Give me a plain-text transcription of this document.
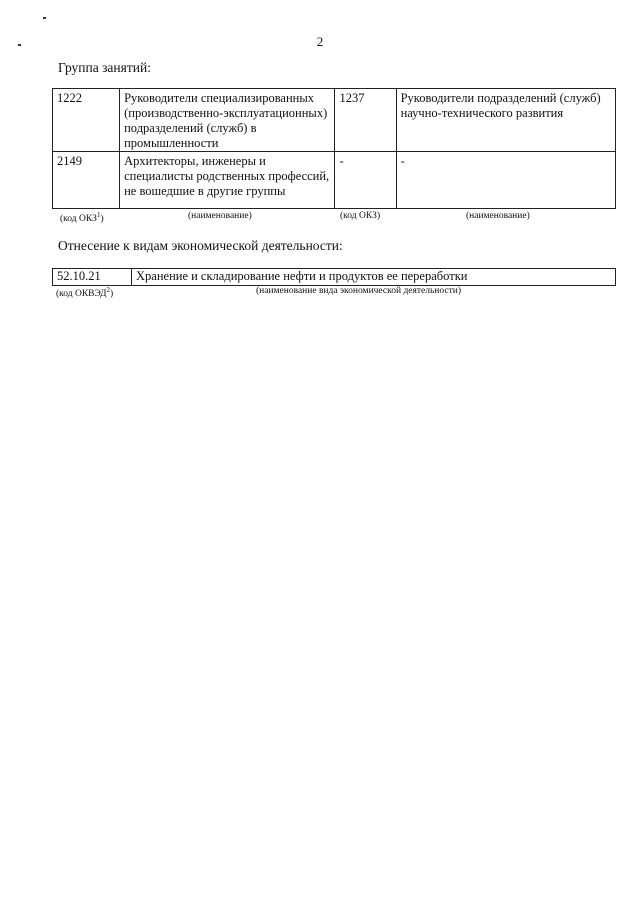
2
Группа занятий:
1222	Руководители специализированных (производственно-эксплуатационных) подразделений (служб) в промышленности	1237	Руководители подразделений (служб) научно-технического развития
2149	Архитекторы, инженеры и специалисты родственных профессий, не вошедшие в другие группы	-	-
(код ОКЗ$^1$)	(наименование)	(код ОКЗ)	(наименование)
Отнесение к видам экономической деятельности:
52.10.21	Хранение и складирование нефти и продуктов ее переработки
(код ОКВЭД$^2$)	(наименование вида экономической деятельности)
